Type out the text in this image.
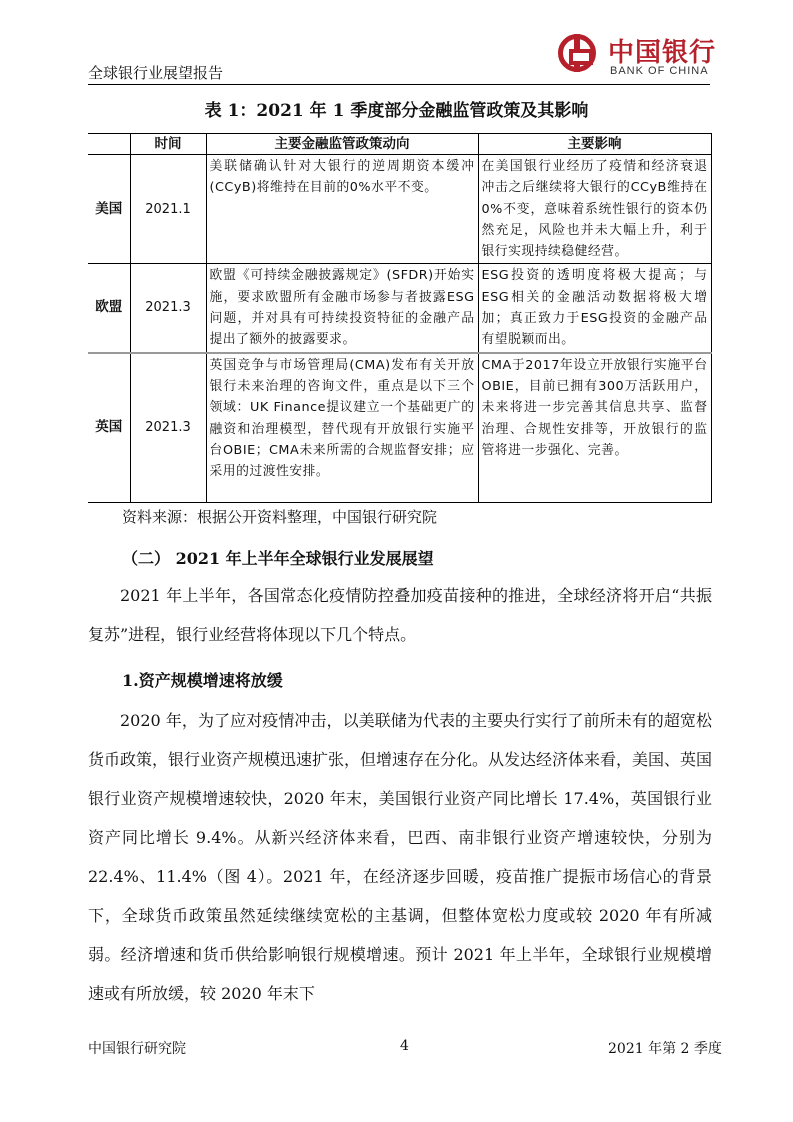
全球银行业展望报告
中国银行
BANK OF CHINA
表 1：2021 年 1 季度部分金融监管政策及其影响
	时间	主要金融监管政策动向	主要影响
美国	2021.1	美联储确认针对大银行的逆周期资本缓冲(CCyB)将维持在目前的0%水平不变。	在美国银行业经历了疫情和经济衰退冲击之后继续将大银行的CCyB维持在0%不变，意味着系统性银行的资本仍然充足，风险也并未大幅上升，利于银行实现持续稳健经营。
欧盟	2021.3	欧盟《可持续金融披露规定》(SFDR)开始实施，要求欧盟所有金融市场参与者披露ESG问题，并对具有可持续投资特征的金融产品提出了额外的披露要求。	ESG投资的透明度将极大提高；与ESG相关的金融活动数据将极大增加；真正致力于ESG投资的金融产品有望脱颖而出。
英国	2021.3	英国竞争与市场管理局(CMA)发布有关开放银行未来治理的咨询文件，重点是以下三个领域：UK Finance提议建立一个基础更广的融资和治理模型，替代现有开放银行实施平台OBIE；CMA未来所需的合规监督安排；应采用的过渡性安排。	CMA于2017年设立开放银行实施平台OBIE，目前已拥有300万活跃用户，未来将进一步完善其信息共享、监督治理、合规性安排等，开放银行的监管将进一步强化、完善。
资料来源：根据公开资料整理，中国银行研究院
（二） 2021 年上半年全球银行业发展展望
2021 年上半年，各国常态化疫情防控叠加疫苗接种的推进，全球经济将开启“共振复苏”进程，银行业经营将体现以下几个特点。
1.资产规模增速将放缓
2020 年，为了应对疫情冲击，以美联储为代表的主要央行实行了前所未有的超宽松货币政策，银行业资产规模迅速扩张，但增速存在分化。从发达经济体来看，美国、英国银行业资产规模增速较快，2020 年末，美国银行业资产同比增长 17.4%，英国银行业资产同比增长 9.4%。从新兴经济体来看，巴西、南非银行业资产增速较快，分别为 22.4%、11.4%（图 4）。2021 年，在经济逐步回暖，疫苗推广提振市场信心的背景下，全球货币政策虽然延续继续宽松的主基调，但整体宽松力度或较 2020 年有所减弱。经济增速和货币供给影响银行规模增速。预计 2021 年上半年，全球银行业规模增速或有所放缓，较 2020 年末下
中国银行研究院	4	2021 年第 2 季度
